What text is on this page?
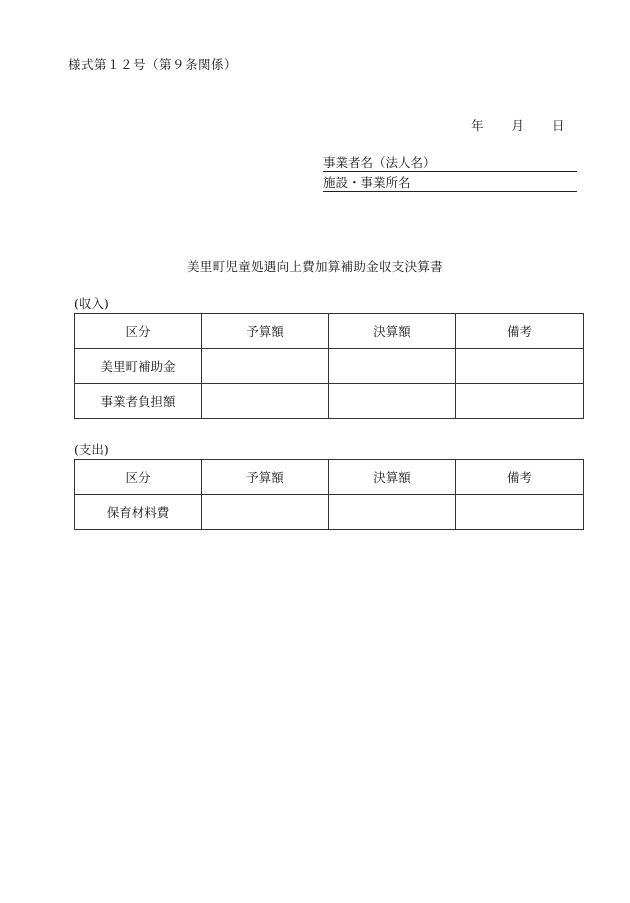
様式第１２号（第９条関係）
年 月 日
事業者名（法人名）
施設・事業所名
美里町児童処遇向上費加算補助金収支決算書
(収入)
区分	予算額	決算額	備考
美里町補助金			
事業者負担額			
(支出)
区分	予算額	決算額	備考
保育材料費			
